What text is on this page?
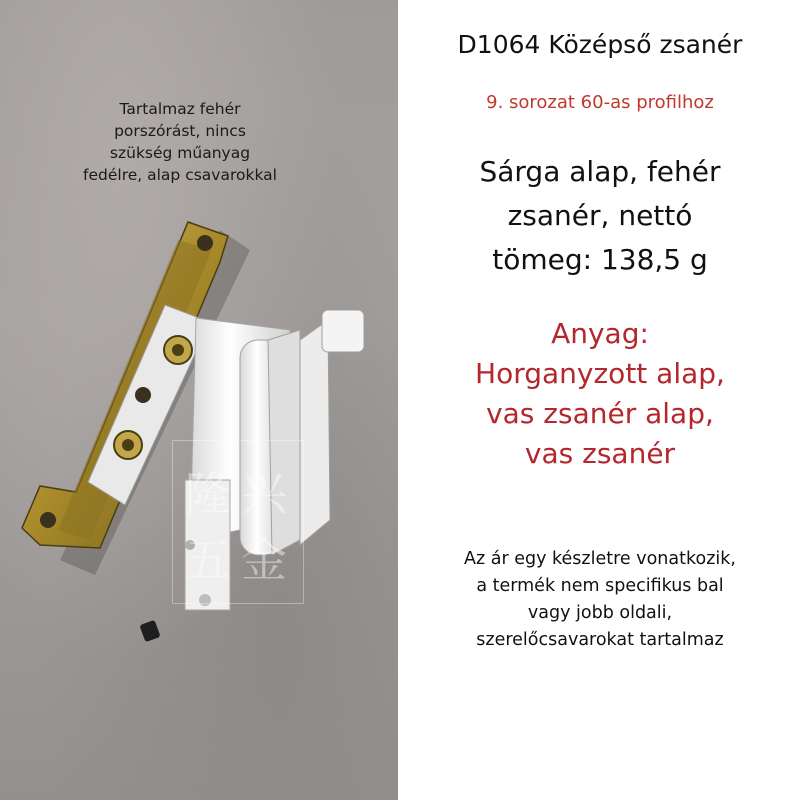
Tartalmaz fehér
porszórást, nincs
szükség műanyag
fedélre, alap csavarokkal
隆 兴
五 金
D1064 Középső zsanér
9. sorozat 60-as profilhoz
Sárga alap, fehér
zsanér, nettó
tömeg: 138,5 g
Anyag:
Horganyzott alap,
vas zsanér alap,
vas zsanér
Az ár egy készletre vonatkozik,
a termék nem specifikus bal
vagy jobb oldali,
szerelőcsavarokat tartalmaz
